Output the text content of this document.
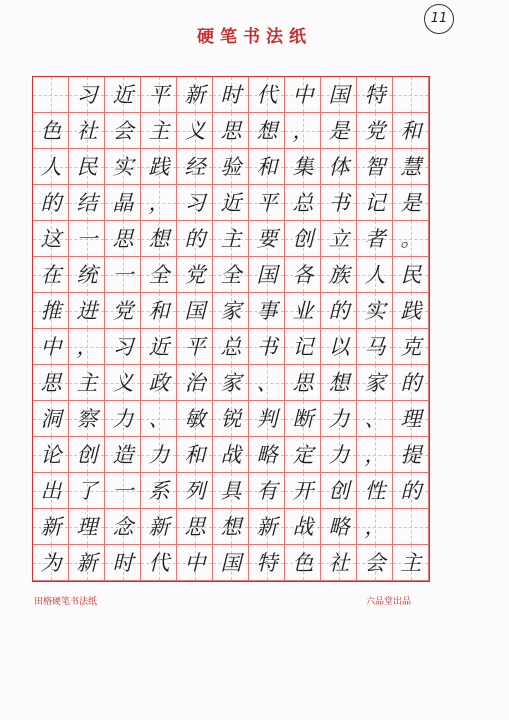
硬笔书法纸
11
习 近 平 新 时 代 中 国 特
色 社 会 主 义 思 想 ， 是 党 和
人 民 实 践 经 验 和 集 体 智 慧
的 结 晶 ， 习 近 平 总 书 记 是
这 一 思 想 的 主 要 创 立 者 。
在 统 一 全 党 全 国 各 族 人 民
推 进 党 和 国 家 事 业 的 实 践
中 ， 习 近 平 总 书 记 以 马 克
思 主 义 政 治 家 、 思 想 家 的
洞 察 力 、 敏 锐 判 断 力 、 理
论 创 造 力 和 战 略 定 力 ， 提
出 了 一 系 列 具 有 开 创 性 的
新 理 念 新 思 想 新 战 略 ，
为 新 时 代 中 国 特 色 社 会 主
田格硬笔书法纸	六品堂出品
